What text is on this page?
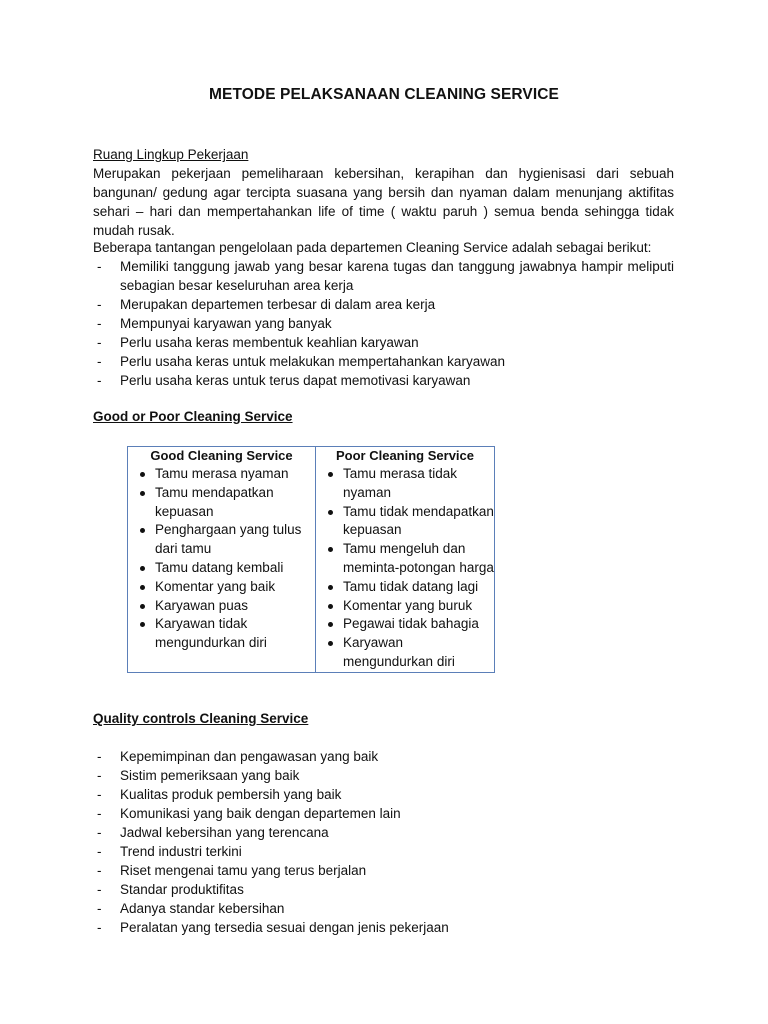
METODE PELAKSANAAN CLEANING SERVICE
Ruang Lingkup Pekerjaan
Merupakan pekerjaan pemeliharaan kebersihan, kerapihan dan hygienisasi dari sebuah bangunan/ gedung agar tercipta suasana yang bersih dan nyaman dalam menunjang aktifitas sehari – hari dan mempertahankan life of time ( waktu paruh ) semua benda sehingga tidak mudah rusak.
Beberapa tantangan pengelolaan pada departemen Cleaning Service adalah sebagai berikut:
- Memiliki tanggung jawab yang besar karena tugas dan tanggung jawabnya hampir meliputi sebagian besar keseluruhan area kerja
- Merupakan departemen terbesar di dalam area kerja
- Mempunyai karyawan yang banyak
- Perlu usaha keras membentuk keahlian karyawan
- Perlu usaha keras untuk melakukan mempertahankan karyawan
- Perlu usaha keras untuk terus dapat memotivasi karyawan
Good or Poor Cleaning Service
Good Cleaning Service
Tamu merasa nyaman
Tamu mendapatkan kepuasan
Penghargaan yang tulus dari tamu
Tamu datang kembali
Komentar yang baik
Karyawan puas
Karyawan tidak mengundurkan diri
Poor Cleaning Service
Tamu merasa tidak nyaman
Tamu tidak mendapatkan kepuasan
Tamu mengeluh dan meminta-potongan harga
Tamu tidak datang lagi
Komentar yang buruk
Pegawai tidak bahagia
Karyawan mengundurkan diri
Quality controls Cleaning Service
- Kepemimpinan dan pengawasan yang baik
- Sistim pemeriksaan yang baik
- Kualitas produk pembersih yang baik
- Komunikasi yang baik dengan departemen lain
- Jadwal kebersihan yang terencana
- Trend industri terkini
- Riset mengenai tamu yang terus berjalan
- Standar produktifitas
- Adanya standar kebersihan
- Peralatan yang tersedia sesuai dengan jenis pekerjaan
